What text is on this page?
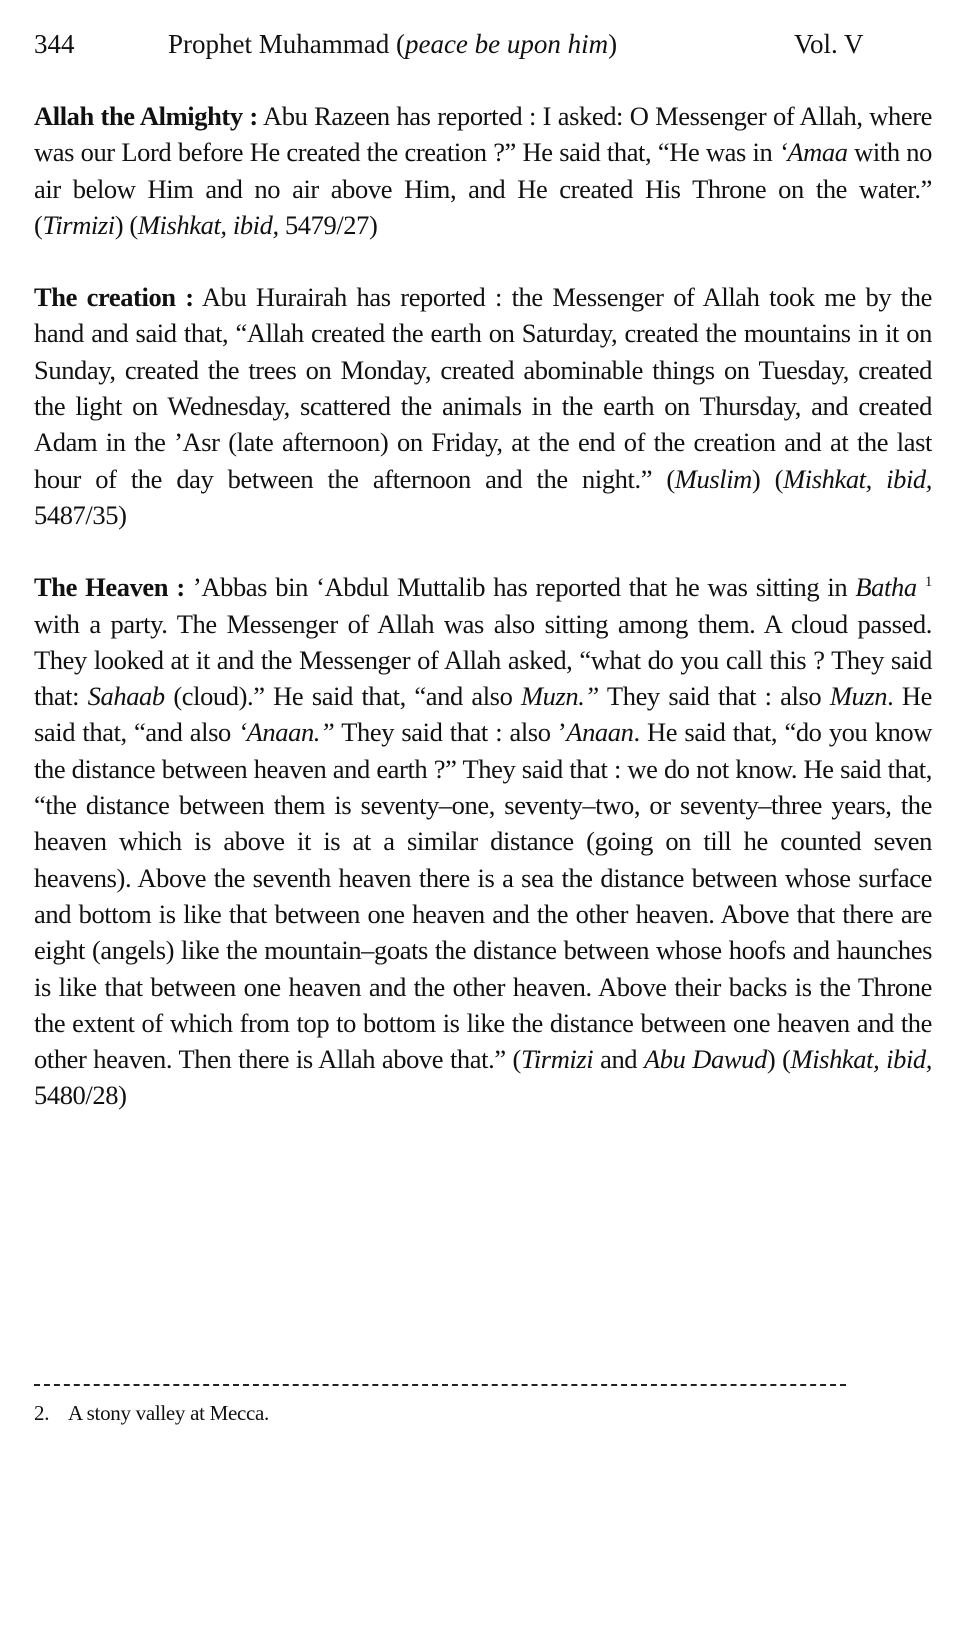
344	Prophet Muhammad (peace be upon him)	Vol. V

Allah the Almighty : Abu Razeen has reported : I asked: O Messenger of Allah, where was our Lord before He created the creation ?” He said that, “He was in ‘Amaa with no air below Him and no air above Him, and He created His Throne on the water.” (Tirmizi) (Mishkat, ibid, 5479/27)

The creation : Abu Hurairah has reported : the Messenger of Allah took me by the hand and said that, “Allah created the earth on Saturday, created the mountains in it on Sunday, created the trees on Monday, created abominable things on Tuesday, created the light on Wednesday, scattered the animals in the earth on Thursday, and created Adam in the ’Asr (late afternoon) on Friday, at the end of the creation and at the last hour of the day between the afternoon and the night.” (Muslim) (Mishkat, ibid, 5487/35)

The Heaven : ’Abbas bin ‘Abdul Muttalib has reported that he was sitting in Batha $^1$ with a party. The Messenger of Allah was also sitting among them. A cloud passed. They looked at it and the Messenger of Allah asked, “what do you call this ? They said that: Sahaab (cloud).” He said that, “and also Muzn.” They said that : also Muzn. He said that, “and also ‘Anaan.” They said that : also ’Anaan. He said that, “do you know the distance between heaven and earth ?” They said that : we do not know. He said that, “the distance between them is seventy–one, seventy–two, or seventy–three years, the heaven which is above it is at a similar distance (going on till he counted seven heavens). Above the seventh heaven there is a sea the distance between whose surface and bottom is like that between one heaven and the other heaven. Above that there are eight (angels) like the mountain–goats the distance between whose hoofs and haunches is like that between one heaven and the other heaven. Above their backs is the Throne the extent of which from top to bottom is like the distance between one heaven and the other heaven. Then there is Allah above that.” (Tirmizi and Abu Dawud) (Mishkat, ibid, 5480/28)

2. A stony valley at Mecca.
